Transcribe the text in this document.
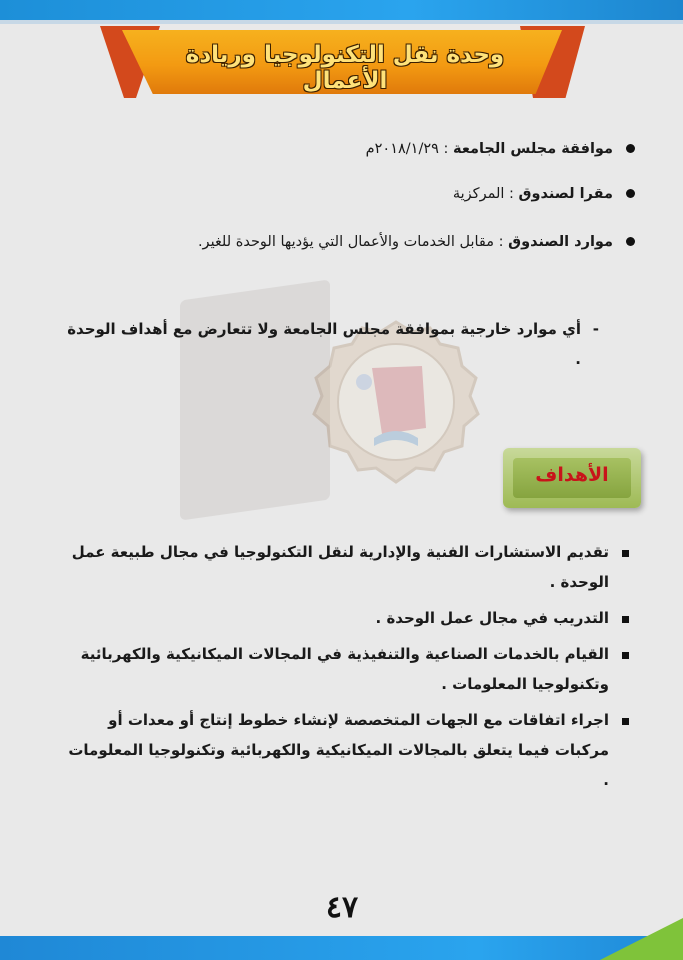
وحدة نقل التكنولوجيا وريادة الأعمال
موافقة مجلس الجامعة : ٢٠١٨/١/٢٩م
مقرا لصندوق : المركزية
موارد الصندوق : مقابل الخدمات والأعمال التي يؤديها الوحدة للغير.
-
أي موارد خارجية بموافقة مجلس الجامعة ولا تتعارض مع أهداف الوحدة .
الأهداف
تقديم الاستشارات الفنية والإدارية لنقل التكنولوجيا في مجال طبيعة عمل الوحدة .
التدريب في مجال عمل الوحدة .
القيام بالخدمات الصناعية والتنفيذية في المجالات الميكانيكية والكهربائية وتكنولوجيا المعلومات .
اجراء اتفاقات مع الجهات المتخصصة لإنشاء خطوط إنتاج أو معدات أو مركبات فيما يتعلق بالمجالات الميكانيكية والكهربائية وتكنولوجيا المعلومات .
٤٧
